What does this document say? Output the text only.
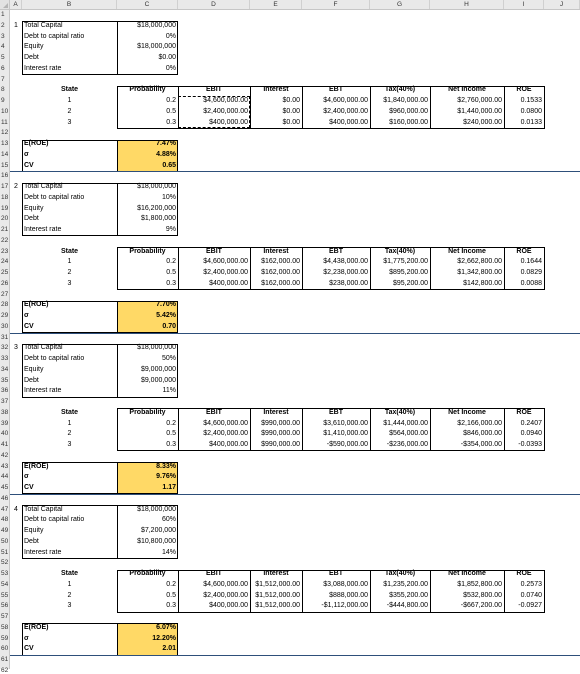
A	B	C	D	E	F	G	H	I	J
1
2
3
4
5
6
7
8
9
10
11
12
13
14
15
16
17
18
19
20
21
22
23
24
25
26
27
28
29
30
31
32
33
34
35
36
37
38
39
40
41
42
43
44
45
46
47
48
49
50
51
52
53
54
55
56
57
58
59
60
61
62
1 Total Capital	$18,000,000
Debt to capital ratio	0%
Equity	$18,000,000
Debt	$0.00
Interest rate	0%
State	Probability	EBIT	Interest	EBT	Tax(40%)	Net Income	ROE
1	0.2	$4,600,000.00	$0.00	$4,600,000.00	$1,840,000.00	$2,760,000.00	0.1533
2	0.5	$2,400,000.00	$0.00	$2,400,000.00	$960,000.00	$1,440,000.00	0.0800
3	0.3	$400,000.00	$0.00	$400,000.00	$160,000.00	$240,000.00	0.0133
E(ROE)	7.47%
σ	4.88%
CV	0.65
2 Total Capital	$18,000,000
Debt to capital ratio	10%
Equity	$16,200,000
Debt	$1,800,000
Interest rate	9%
State	Probability	EBIT	Interest	EBT	Tax(40%)	Net Income	ROE
1	0.2	$4,600,000.00	$162,000.00	$4,438,000.00	$1,775,200.00	$2,662,800.00	0.1644
2	0.5	$2,400,000.00	$162,000.00	$2,238,000.00	$895,200.00	$1,342,800.00	0.0829
3	0.3	$400,000.00	$162,000.00	$238,000.00	$95,200.00	$142,800.00	0.0088
E(ROE)	7.70%
σ	5.42%
CV	0.70
3 Total Capital	$18,000,000
Debt to capital ratio	50%
Equity	$9,000,000
Debt	$9,000,000
Interest rate	11%
State	Probability	EBIT	Interest	EBT	Tax(40%)	Net Income	ROE
1	0.2	$4,600,000.00	$990,000.00	$3,610,000.00	$1,444,000.00	$2,166,000.00	0.2407
2	0.5	$2,400,000.00	$990,000.00	$1,410,000.00	$564,000.00	$846,000.00	0.0940
3	0.3	$400,000.00	$990,000.00	-$590,000.00	-$236,000.00	-$354,000.00	-0.0393
E(ROE)	8.33%
σ	9.76%
CV	1.17
4 Total Capital	$18,000,000
Debt to capital ratio	60%
Equity	$7,200,000
Debt	$10,800,000
Interest rate	14%
State	Probability	EBIT	Interest	EBT	Tax(40%)	Net Income	ROE
1	0.2	$4,600,000.00	$1,512,000.00	$3,088,000.00	$1,235,200.00	$1,852,800.00	0.2573
2	0.5	$2,400,000.00	$1,512,000.00	$888,000.00	$355,200.00	$532,800.00	0.0740
3	0.3	$400,000.00	$1,512,000.00	-$1,112,000.00	-$444,800.00	-$667,200.00	-0.0927
E(ROE)	6.07%
σ	12.20%
CV	2.01
